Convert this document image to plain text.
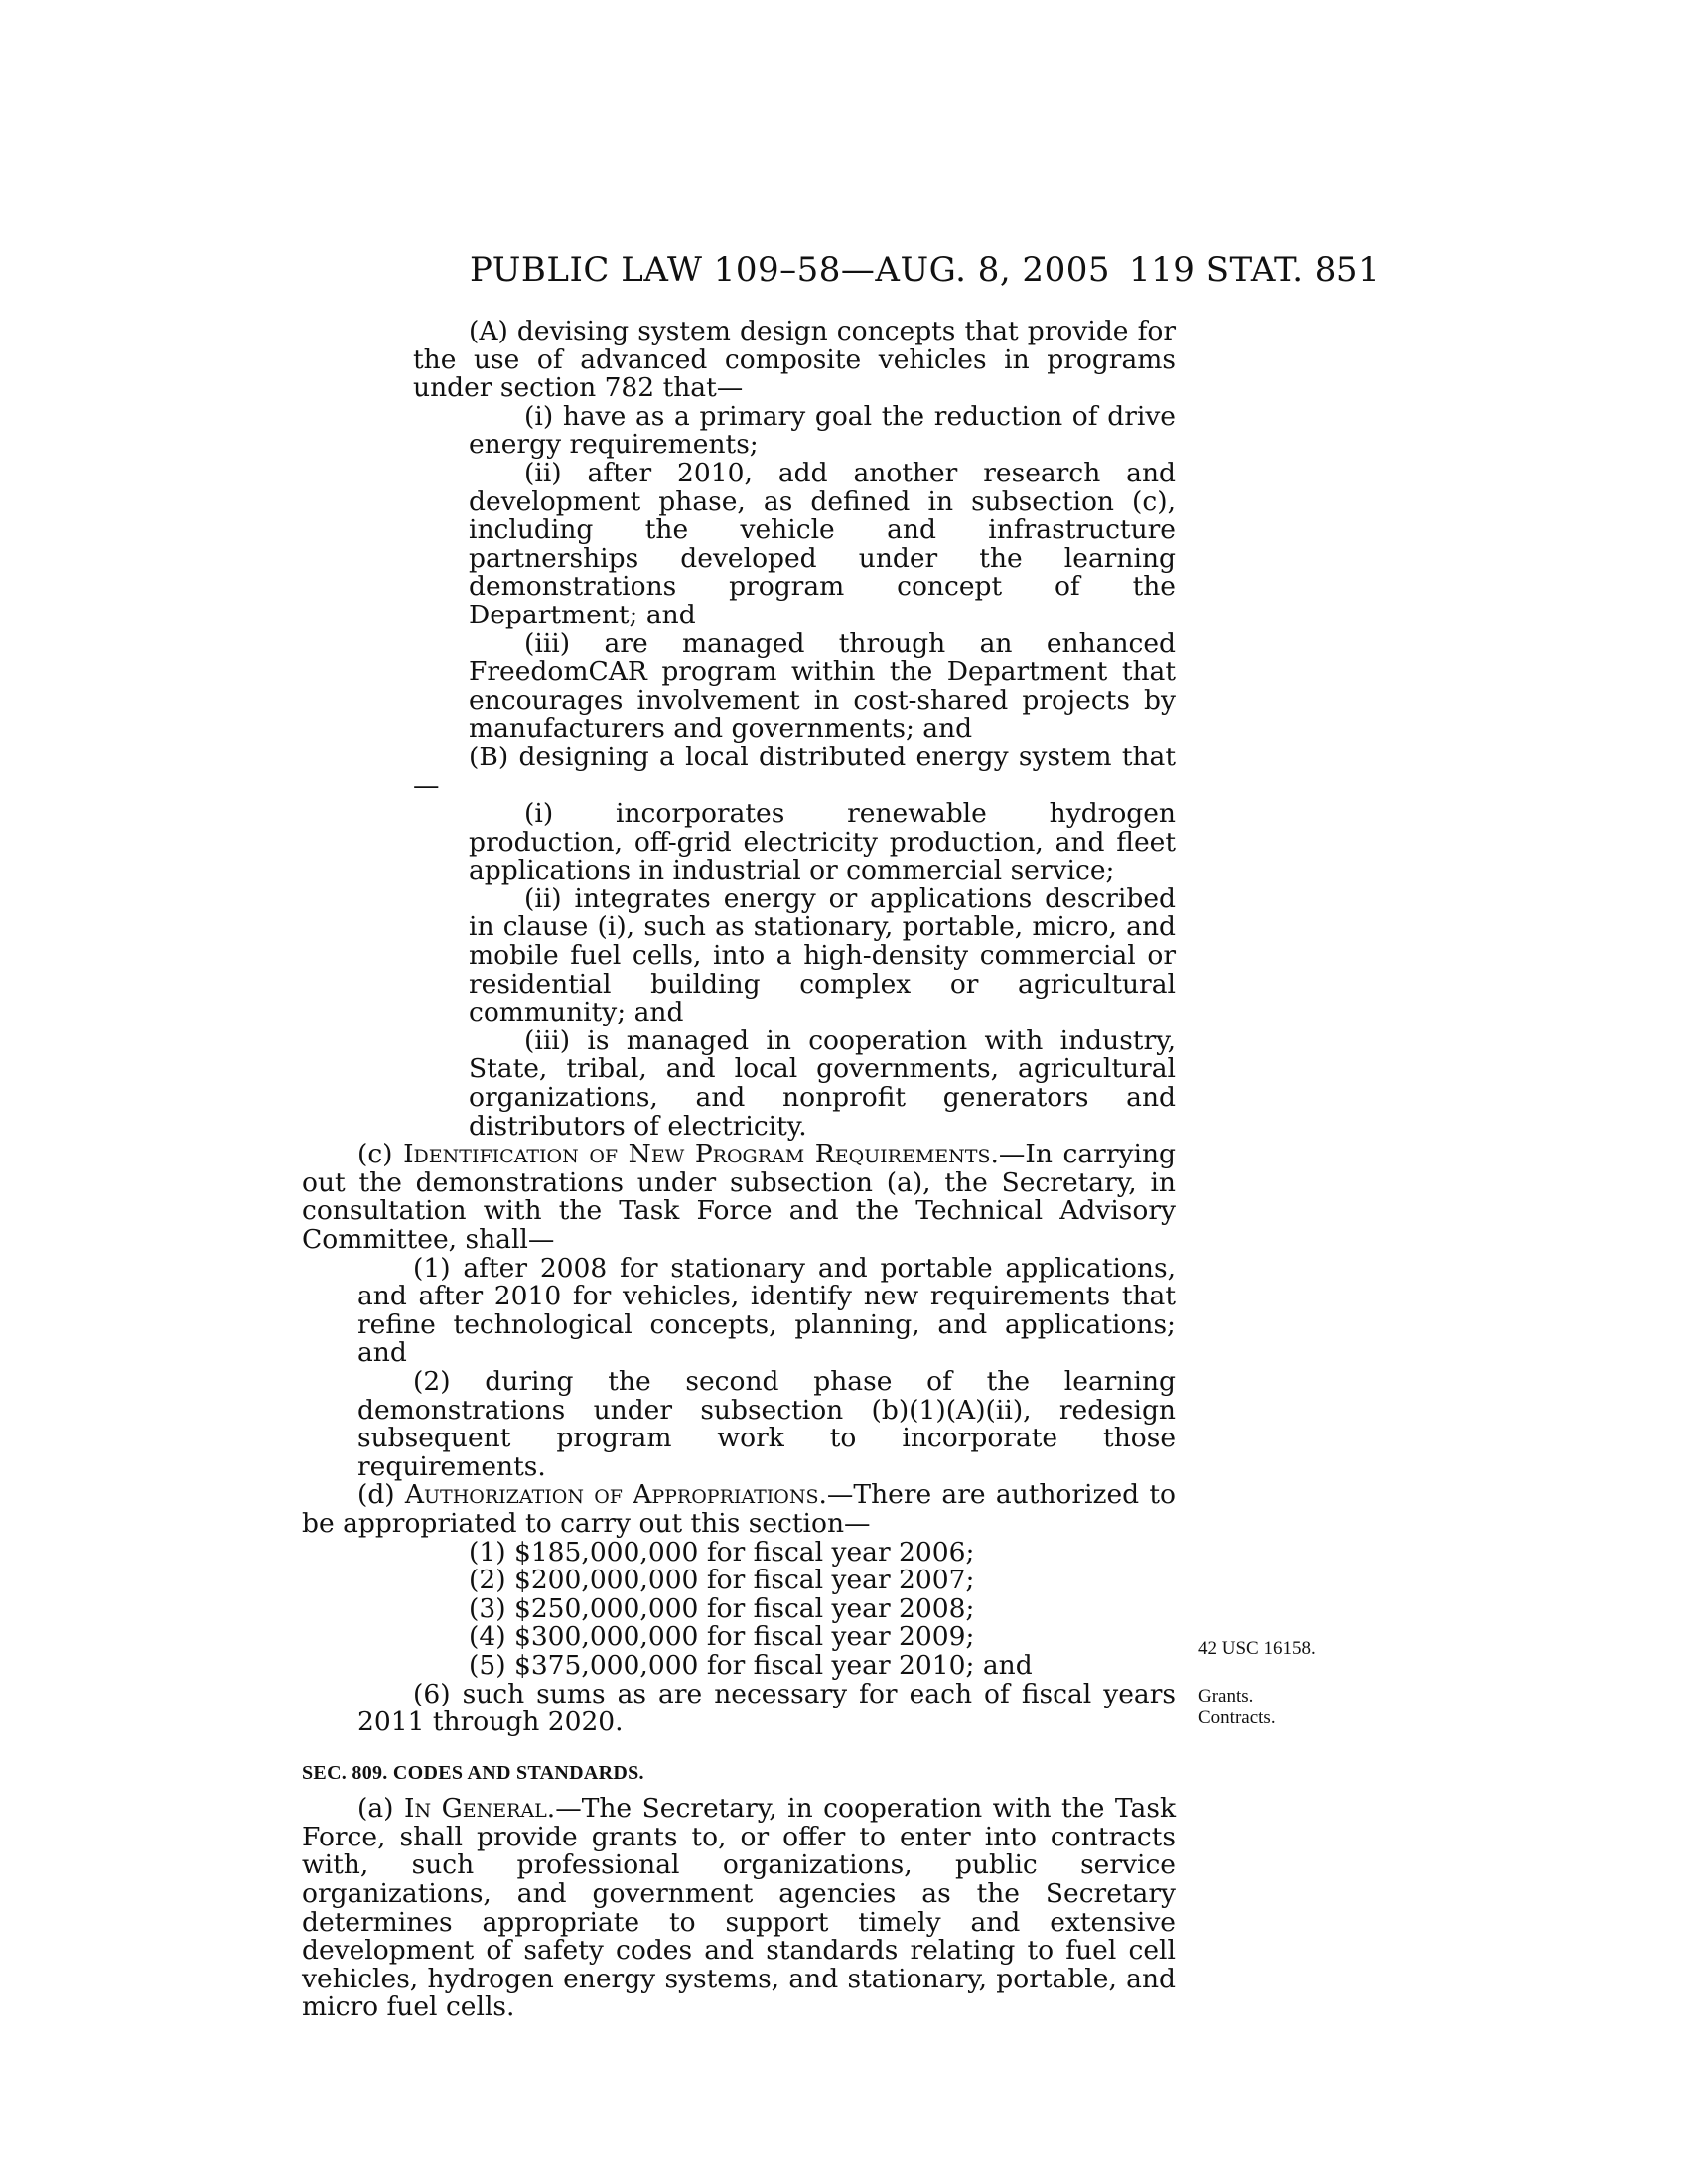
PUBLIC LAW 109–58—AUG. 8, 2005 119 STAT. 851
(A) devising system design concepts that provide for the use of advanced composite vehicles in programs under section 782 that—
(i) have as a primary goal the reduction of drive energy requirements;
(ii) after 2010, add another research and development phase, as defined in subsection (c), including the vehicle and infrastructure partnerships developed under the learning demonstrations program concept of the Department; and
(iii) are managed through an enhanced FreedomCAR program within the Department that encourages involvement in cost-shared projects by manufacturers and governments; and
(B) designing a local distributed energy system that—
(i) incorporates renewable hydrogen production, off-grid electricity production, and fleet applications in industrial or commercial service;
(ii) integrates energy or applications described in clause (i), such as stationary, portable, micro, and mobile fuel cells, into a high-density commercial or residential building complex or agricultural community; and
(iii) is managed in cooperation with industry, State, tribal, and local governments, agricultural organizations, and nonprofit generators and distributors of electricity.
(c) Identification of New Program Requirements.—In carrying out the demonstrations under subsection (a), the Secretary, in consultation with the Task Force and the Technical Advisory Committee, shall—
(1) after 2008 for stationary and portable applications, and after 2010 for vehicles, identify new requirements that refine technological concepts, planning, and applications; and
(2) during the second phase of the learning demonstrations under subsection (b)(1)(A)(ii), redesign subsequent program work to incorporate those requirements.
(d) Authorization of Appropriations.—There are authorized to be appropriated to carry out this section—
(1) $185,000,000 for fiscal year 2006;
(2) $200,000,000 for fiscal year 2007;
(3) $250,000,000 for fiscal year 2008;
(4) $300,000,000 for fiscal year 2009;
(5) $375,000,000 for fiscal year 2010; and
(6) such sums as are necessary for each of fiscal years 2011 through 2020.
SEC. 809. CODES AND STANDARDS.
(a) In General.—The Secretary, in cooperation with the Task Force, shall provide grants to, or offer to enter into contracts with, such professional organizations, public service organizations, and government agencies as the Secretary determines appropriate to support timely and extensive development of safety codes and standards relating to fuel cell vehicles, hydrogen energy systems, and stationary, portable, and micro fuel cells.
42 USC 16158.
Grants.
Contracts.
